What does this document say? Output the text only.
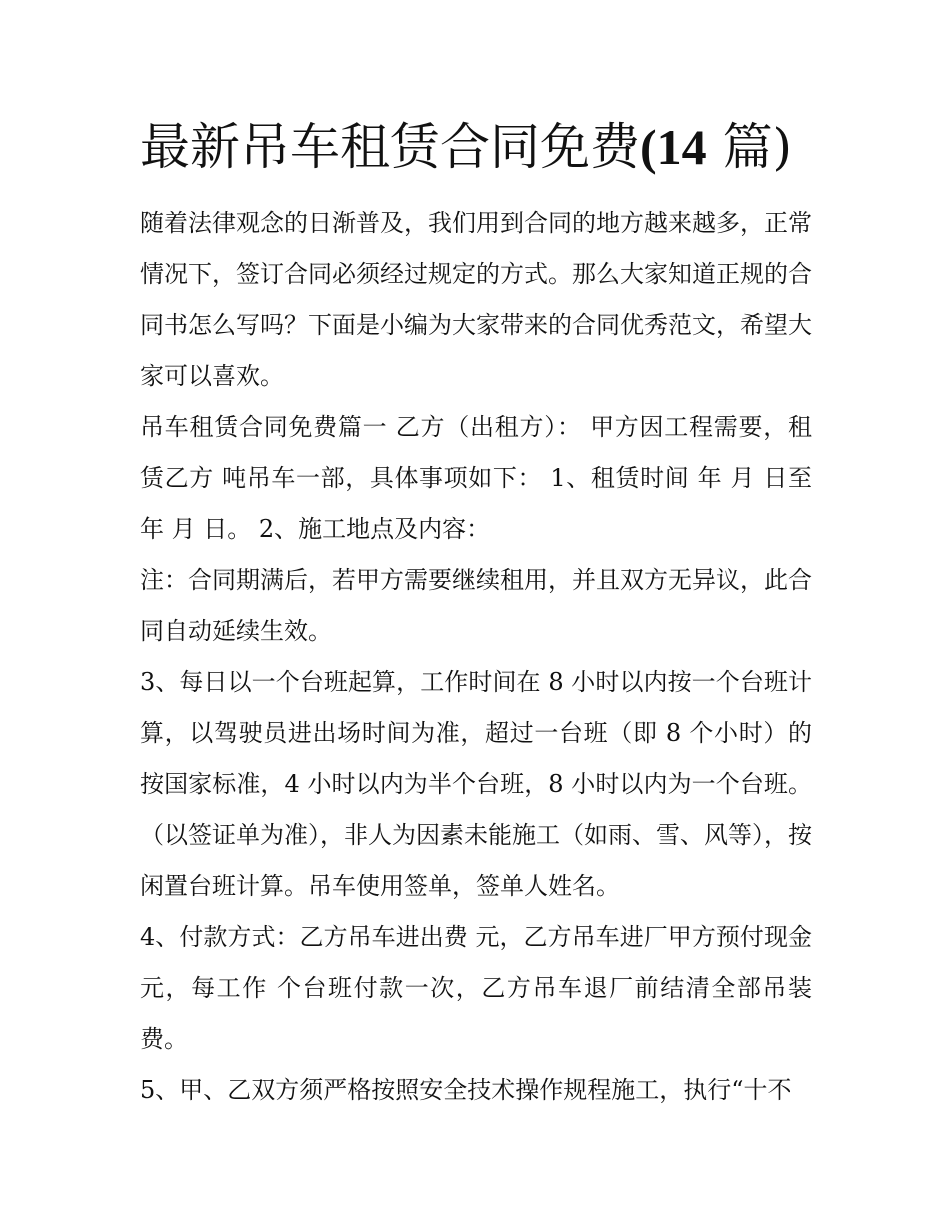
最新吊车租赁合同免费(14 篇)

随着法律观念的日渐普及，我们用到合同的地方越来越多，正常情况下，签订合同必须经过规定的方式。那么大家知道正规的合同书怎么写吗？下面是小编为大家带来的合同优秀范文，希望大家可以喜欢。

吊车租赁合同免费篇一 乙方（出租方）： 甲方因工程需要，租赁乙方 吨吊车一部，具体事项如下： 1、租赁时间 年 月 日至 年 月 日。 2、施工地点及内容：

注：合同期满后，若甲方需要继续租用，并且双方无异议，此合同自动延续生效。

3、每日以一个台班起算，工作时间在 8 小时以内按一个台班计算，以驾驶员进出场时间为准，超过一台班（即 8 个小时）的按国家标准，4 小时以内为半个台班，8 小时以内为一个台班。（以签证单为准），非人为因素未能施工（如雨、雪、风等），按闲置台班计算。吊车使用签单，签单人姓名。

4、付款方式：乙方吊车进出费 元，乙方吊车进厂甲方预付现金 元，每工作 个台班付款一次，乙方吊车退厂前结清全部吊装费。

5、甲、乙双方须严格按照安全技术操作规程施工，执行“十不
